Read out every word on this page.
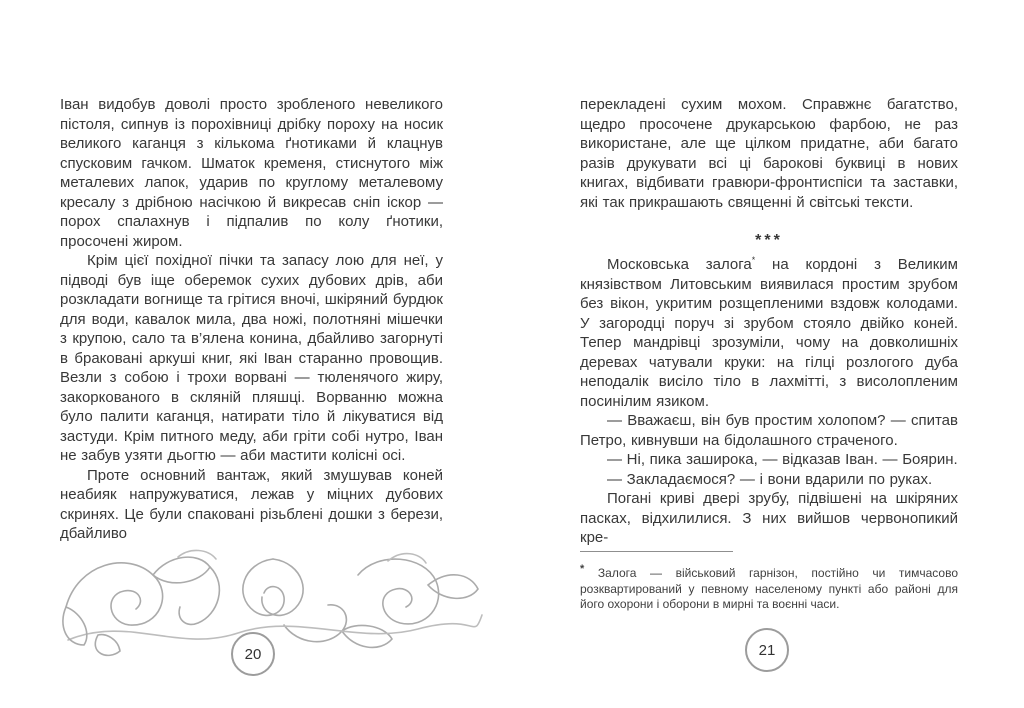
Іван видобув доволі просто зробленого невеликого пістоля, сипнув із порохівниці дрібку пороху на носик великого каганця з кількома ґнотиками й клацнув спусковим гачком. Шматок кременя, стиснутого між металевих лапок, ударив по круглому металевому кресалу з дрібною насічкою й викресав сніп іскор — порох спалахнув і підпалив по колу ґнотики, просочені жиром.

Крім цієї похідної пічки та запасу лою для неї, у підводі був іще оберемок сухих дубових дрів, аби розкладати вогнище та грітися вночі, шкіряний бурдюк для води, кавалок мила, два ножі, полотняні мішечки з крупою, сало та в’ялена конина, дбайливо загорнуті в браковані аркуші книг, які Іван старанно провощив. Везли з собою і трохи ворвані — тюленячого жиру, закоркованого в скляній пляшці. Ворванню можна було палити каганця, натирати тіло й лікуватися від застуди. Крім питного меду, аби гріти собі нутро, Іван не забув узяти дьогтю — аби мастити колісні осі.

Проте основний вантаж, який змушував коней неабияк напружуватися, лежав у міцних дубових скринях. Це були спаковані різьблені дошки з берези, дбайливо

20

перекладені сухим мохом. Справжнє багатство, щедро просочене друкарською фарбою, не раз використане, але ще цілком придатне, аби багато разів друкувати всі ці барокові буквиці в нових книгах, відбивати гравюри-фронтиспіси та заставки, які так прикрашають священні й світські тексти.

***

Московська залога* на кордоні з Великим князівством Литовським виявилася простим зрубом без вікон, укритим розщепленими вздовж колодами. У загородці поруч зі зрубом стояло двійко коней. Тепер мандрівці зрозуміли, чому на довколишніх деревах чатували круки: на гілці розлогого дуба неподалік висіло тіло в лахмітті, з висолопленим посинілим язиком.

— Вважаєш, він був простим холопом? — спитав Петро, кивнувши на бідолашного страченого.

— Ні, пика заширока, — відказав Іван. — Боярин.

— Закладаємося? — і вони вдарили по руках.

Погані криві двері зрубу, підвішені на шкіряних пасках, відхилилися. З них вийшов червонопикий кре-

* Залога — військовий гарнізон, постійно чи тимчасово розквартирований у певному населеному пункті або районі для його охорони і оборони в мирні та воєнні часи.

21
